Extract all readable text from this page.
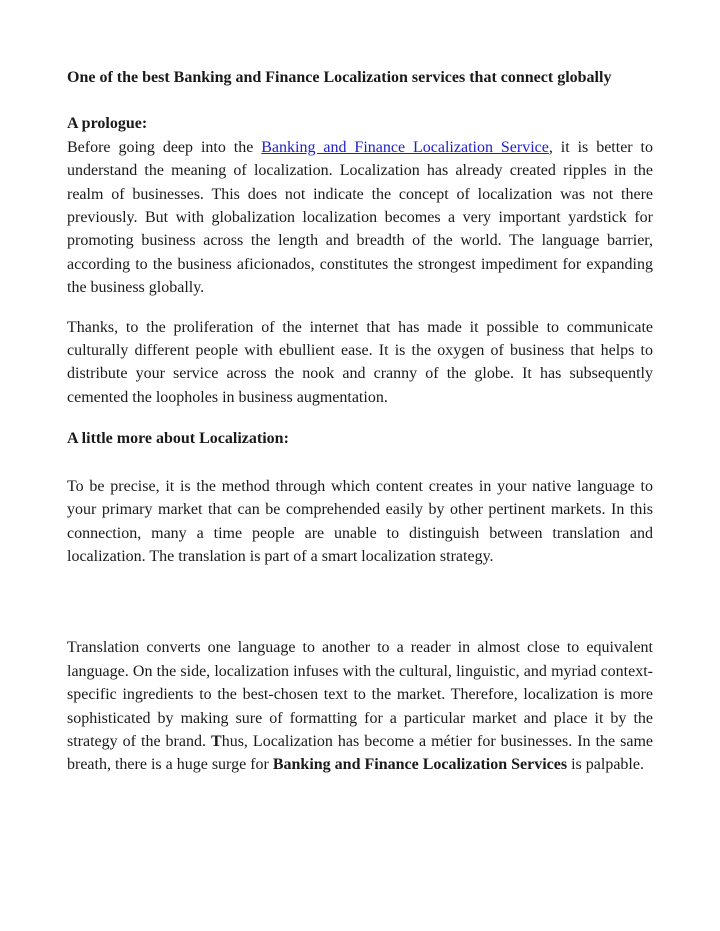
One of the best Banking and Finance Localization services that connect globally
A prologue:

Before going deep into the Banking and Finance Localization Service, it is better to understand the meaning of localization. Localization has already created ripples in the realm of businesses. This does not indicate the concept of localization was not there previously. But with globalization localization becomes a very important yardstick for promoting business across the length and breadth of the world. The language barrier, according to the business aficionados, constitutes the strongest impediment for expanding the business globally.

Thanks, to the proliferation of the internet that has made it possible to communicate culturally different people with ebullient ease. It is the oxygen of business that helps to distribute your service across the nook and cranny of the globe. It has subsequently cemented the loopholes in business augmentation.

A little more about Localization:

To be precise, it is the method through which content creates in your native language to your primary market that can be comprehended easily by other pertinent markets. In this connection, many a time people are unable to distinguish between translation and localization. The translation is part of a smart localization strategy.

Translation converts one language to another to a reader in almost close to equivalent language. On the side, localization infuses with the cultural, linguistic, and myriad context-specific ingredients to the best-chosen text to the market. Therefore, localization is more sophisticated by making sure of formatting for a particular market and place it by the strategy of the brand. Thus, Localization has become a métier for businesses. In the same breath, there is a huge surge for Banking and Finance Localization Services is palpable.
